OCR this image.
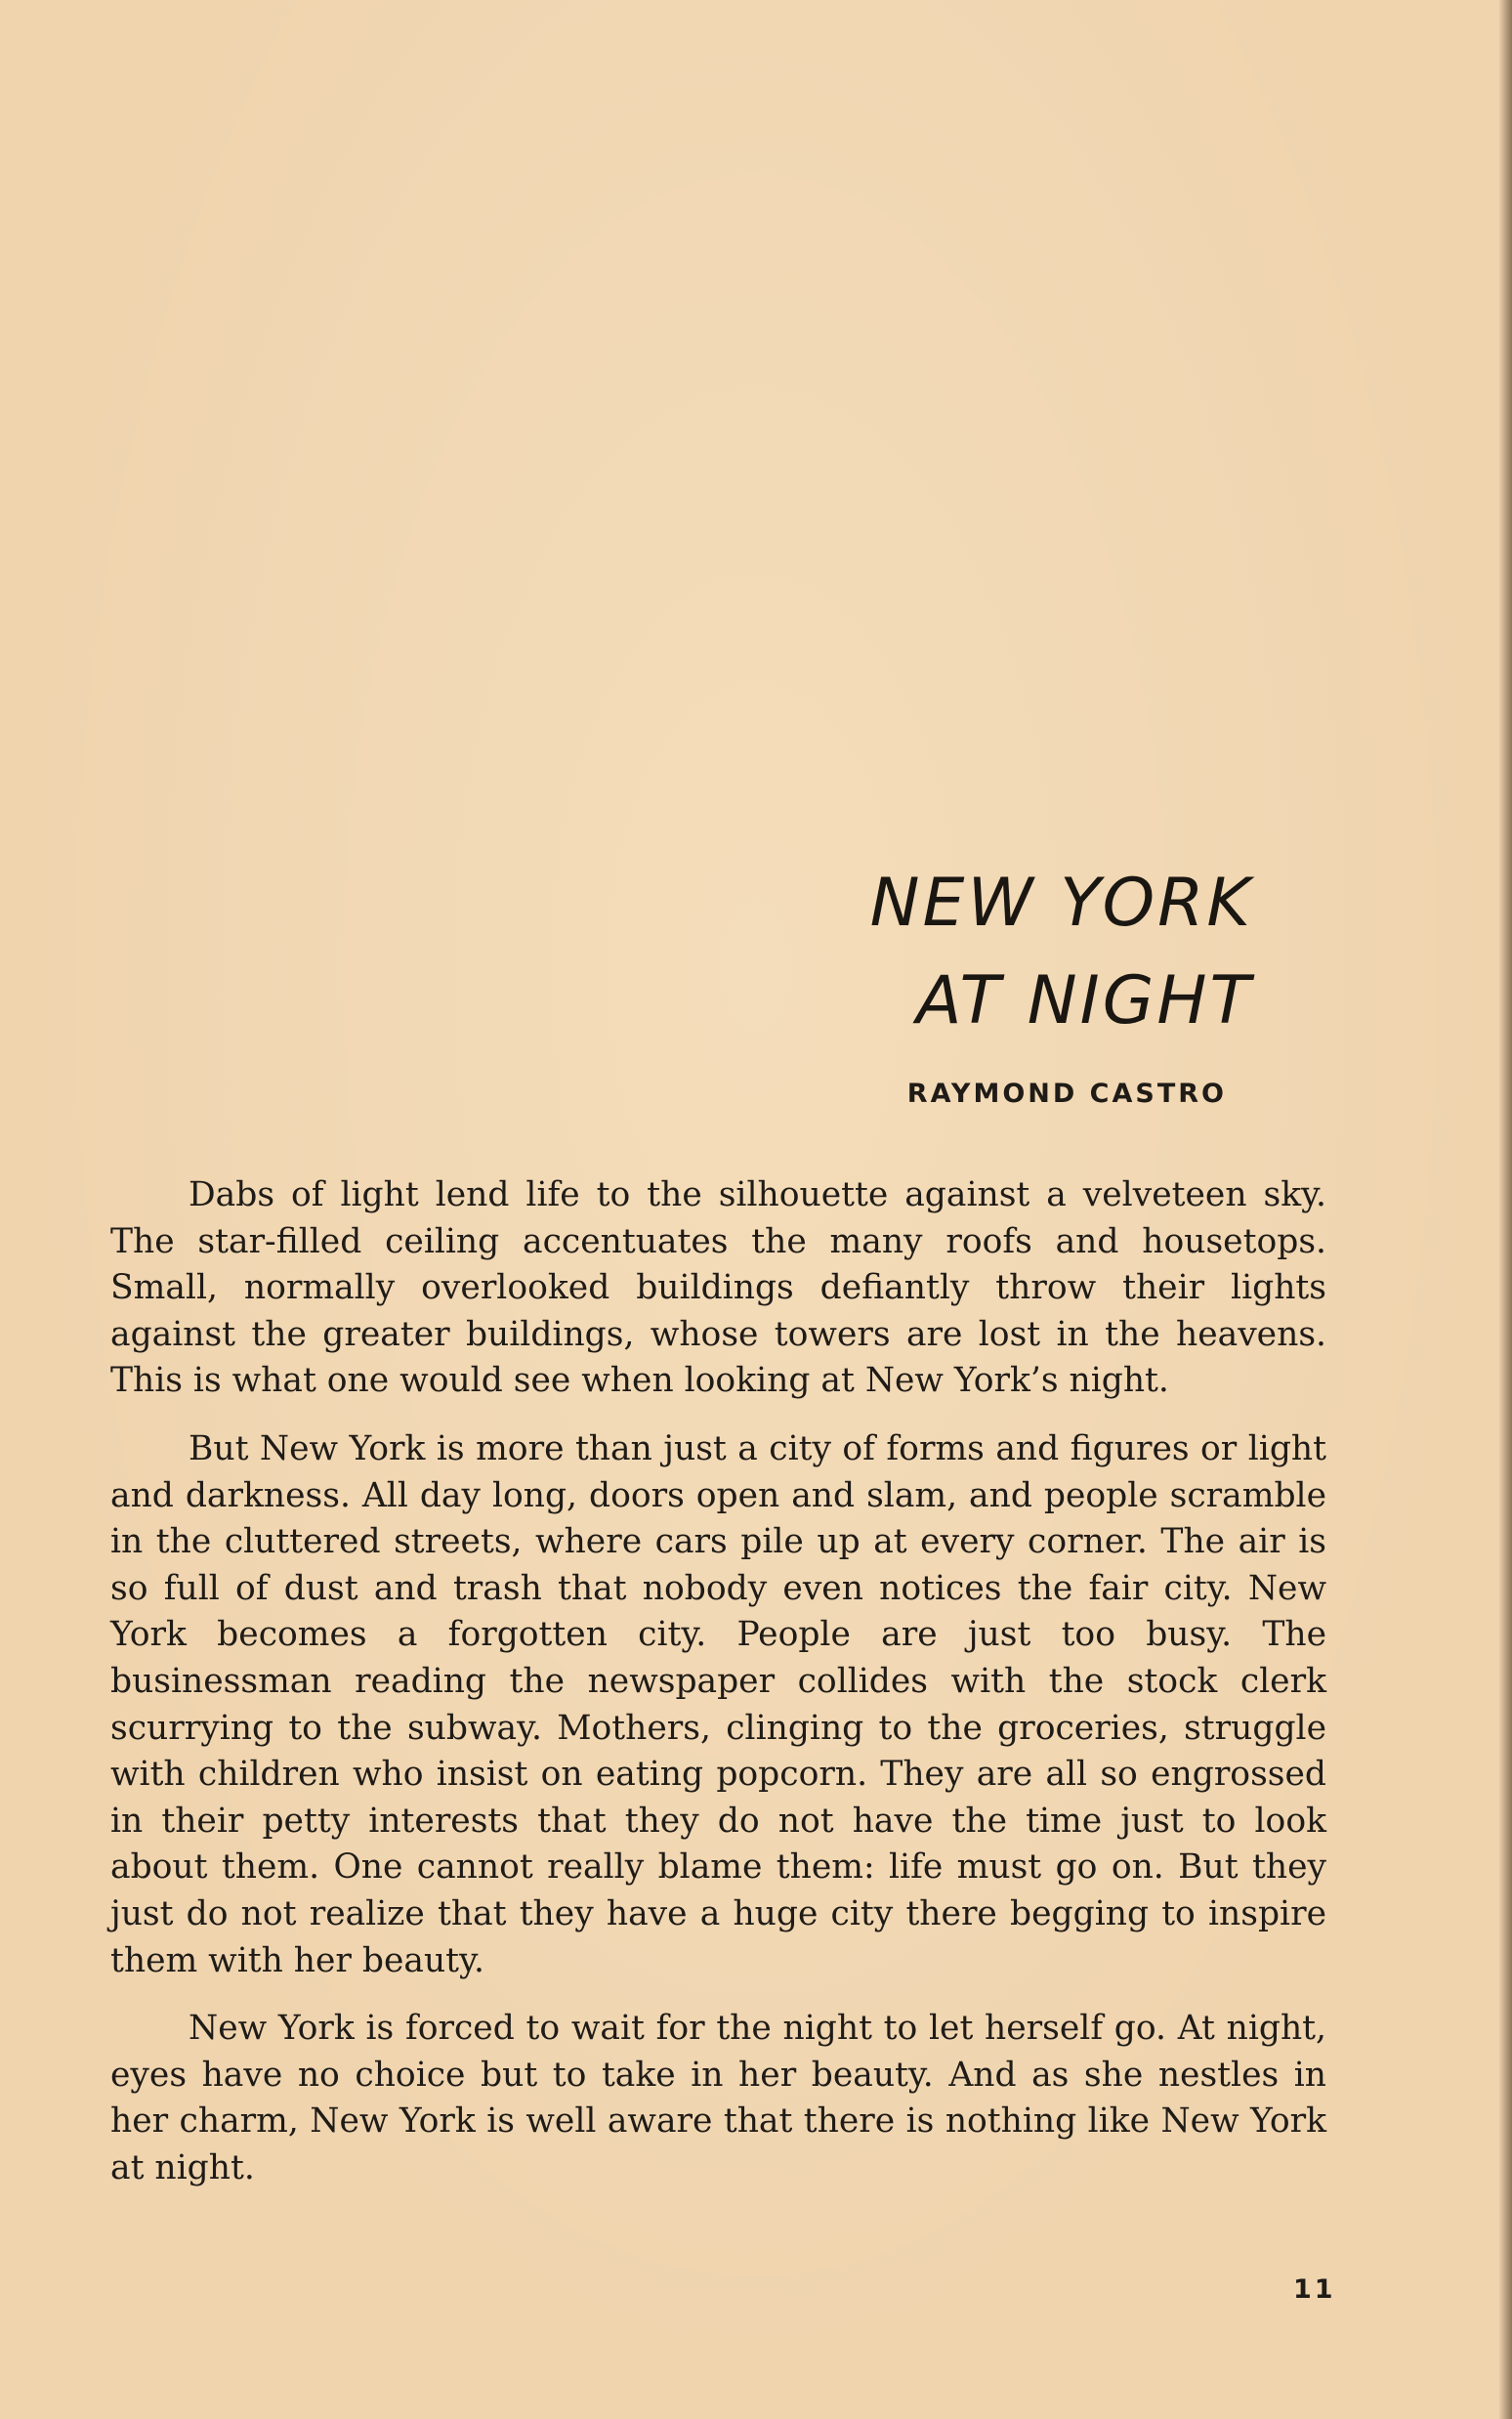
NEW YORK
AT NIGHT
RAYMOND CASTRO

Dabs of light lend life to the silhouette against a velveteen sky. The star-filled ceiling accentuates the many roofs and housetops. Small, normally overlooked buildings defiantly throw their lights against the greater buildings, whose towers are lost in the heavens. This is what one would see when looking at New York’s night.

But New York is more than just a city of forms and figures or light and darkness. All day long, doors open and slam, and people scramble in the cluttered streets, where cars pile up at every corner. The air is so full of dust and trash that nobody even notices the fair city. New York becomes a forgotten city. People are just too busy. The businessman reading the newspaper collides with the stock clerk scurrying to the subway. Mothers, clinging to the groceries, struggle with children who insist on eating popcorn. They are all so engrossed in their petty interests that they do not have the time just to look about them. One cannot really blame them: life must go on. But they just do not realize that they have a huge city there begging to inspire them with her beauty.

New York is forced to wait for the night to let herself go. At night, eyes have no choice but to take in her beauty. And as she nestles in her charm, New York is well aware that there is nothing like New York at night.

11
